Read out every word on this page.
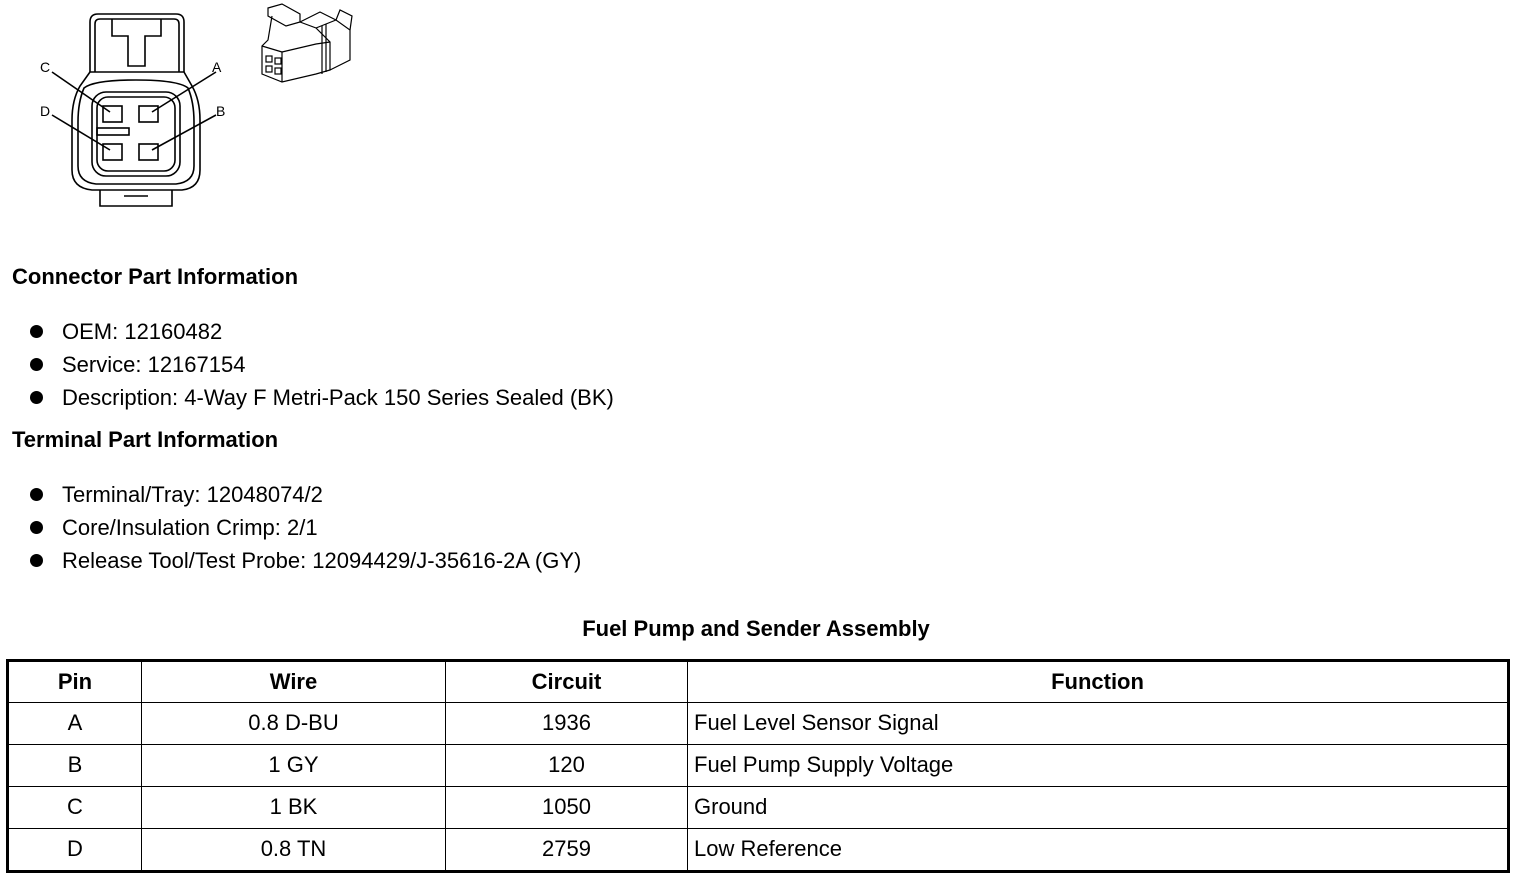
A
B
C
D
Connector Part Information
OEM: 12160482
Service: 12167154
Description: 4-Way F Metri-Pack 150 Series Sealed (BK)
Terminal Part Information
Terminal/Tray: 12048074/2
Core/Insulation Crimp: 2/1
Release Tool/Test Probe: 12094429/J-35616-2A (GY)
Fuel Pump and Sender Assembly
Pin	Wire	Circuit	Function
A	0.8 D-BU	1936	Fuel Level Sensor Signal
B	1 GY	120	Fuel Pump Supply Voltage
C	1 BK	1050	Ground
D	0.8 TN	2759	Low Reference
